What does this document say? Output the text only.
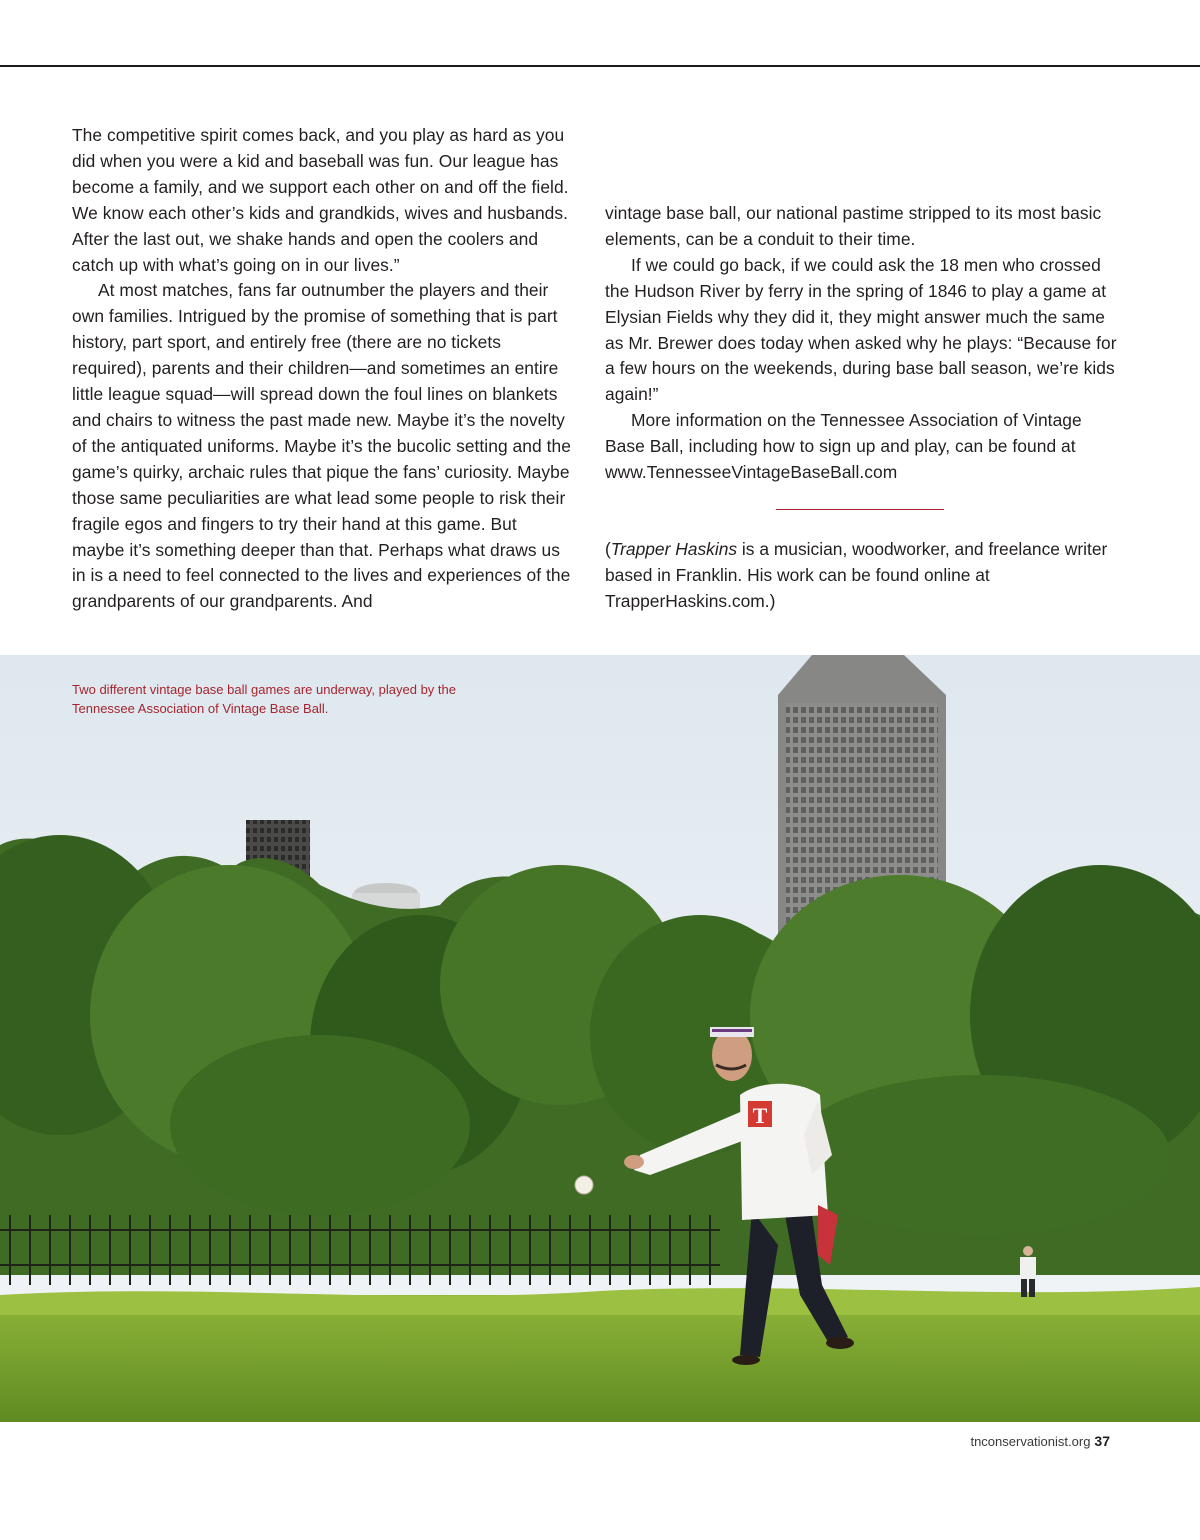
The competitive spirit comes back, and you play as hard as you did when you were a kid and baseball was fun. Our league has become a family, and we support each other on and off the field. We know each other’s kids and grandkids, wives and husbands. After the last out, we shake hands and open the coolers and catch up with what’s going on in our lives.”

At most matches, fans far outnumber the players and their own families. Intrigued by the promise of something that is part history, part sport, and entirely free (there are no tickets required), parents and their children—and sometimes an entire little league squad—will spread down the foul lines on blankets and chairs to witness the past made new. Maybe it’s the novelty of the antiquated uniforms. Maybe it’s the bucolic setting and the game’s quirky, archaic rules that pique the fans’ curiosity. Maybe those same peculiarities are what lead some people to risk their fragile egos and fingers to try their hand at this game. But maybe it’s something deeper than that. Perhaps what draws us in is a need to feel connected to the lives and experiences of the grandparents of our grandparents. And

vintage base ball, our national pastime stripped to its most basic elements, can be a conduit to their time.

If we could go back, if we could ask the 18 men who crossed the Hudson River by ferry in the spring of 1846 to play a game at Elysian Fields why they did it, they might answer much the same as Mr. Brewer does today when asked why he plays: “Because for a few hours on the weekends, during base ball season, we’re kids again!”

More information on the Tennessee Association of Vintage Base Ball, including how to sign up and play, can be found at www.TennesseeVintageBaseBall.com

(Trapper Haskins is a musician, woodworker, and freelance writer based in Franklin. His work can be found online at TrapperHaskins.com.)

T
Two different vintage base ball games are underway, played by the Tennessee Association of Vintage Base Ball.
tnconservationist.org 37
